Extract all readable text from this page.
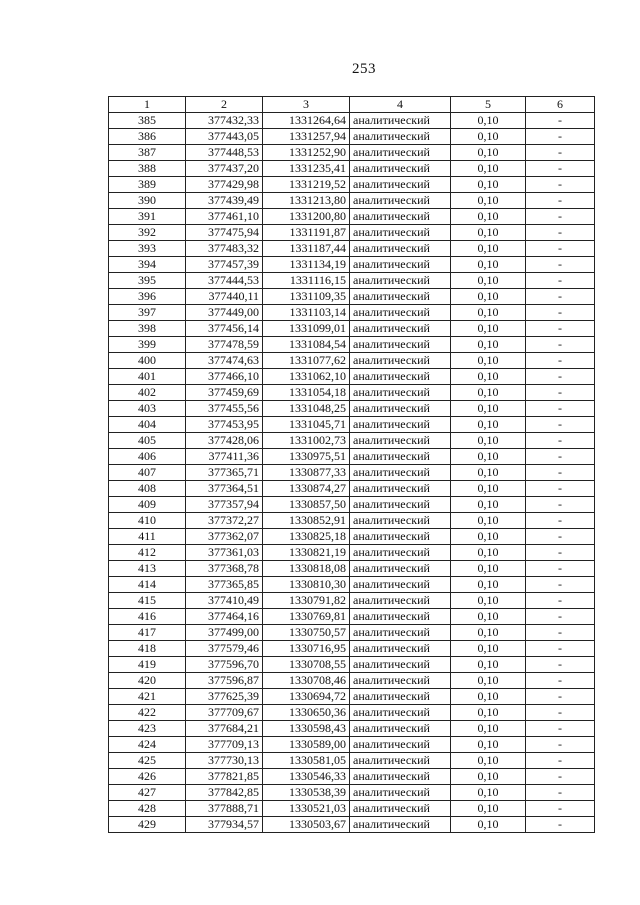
253
1	2	3	4	5	6
385	377432,33	1331264,64	аналитический	0,10	-
386	377443,05	1331257,94	аналитический	0,10	-
387	377448,53	1331252,90	аналитический	0,10	-
388	377437,20	1331235,41	аналитический	0,10	-
389	377429,98	1331219,52	аналитический	0,10	-
390	377439,49	1331213,80	аналитический	0,10	-
391	377461,10	1331200,80	аналитический	0,10	-
392	377475,94	1331191,87	аналитический	0,10	-
393	377483,32	1331187,44	аналитический	0,10	-
394	377457,39	1331134,19	аналитический	0,10	-
395	377444,53	1331116,15	аналитический	0,10	-
396	377440,11	1331109,35	аналитический	0,10	-
397	377449,00	1331103,14	аналитический	0,10	-
398	377456,14	1331099,01	аналитический	0,10	-
399	377478,59	1331084,54	аналитический	0,10	-
400	377474,63	1331077,62	аналитический	0,10	-
401	377466,10	1331062,10	аналитический	0,10	-
402	377459,69	1331054,18	аналитический	0,10	-
403	377455,56	1331048,25	аналитический	0,10	-
404	377453,95	1331045,71	аналитический	0,10	-
405	377428,06	1331002,73	аналитический	0,10	-
406	377411,36	1330975,51	аналитический	0,10	-
407	377365,71	1330877,33	аналитический	0,10	-
408	377364,51	1330874,27	аналитический	0,10	-
409	377357,94	1330857,50	аналитический	0,10	-
410	377372,27	1330852,91	аналитический	0,10	-
411	377362,07	1330825,18	аналитический	0,10	-
412	377361,03	1330821,19	аналитический	0,10	-
413	377368,78	1330818,08	аналитический	0,10	-
414	377365,85	1330810,30	аналитический	0,10	-
415	377410,49	1330791,82	аналитический	0,10	-
416	377464,16	1330769,81	аналитический	0,10	-
417	377499,00	1330750,57	аналитический	0,10	-
418	377579,46	1330716,95	аналитический	0,10	-
419	377596,70	1330708,55	аналитический	0,10	-
420	377596,87	1330708,46	аналитический	0,10	-
421	377625,39	1330694,72	аналитический	0,10	-
422	377709,67	1330650,36	аналитический	0,10	-
423	377684,21	1330598,43	аналитический	0,10	-
424	377709,13	1330589,00	аналитический	0,10	-
425	377730,13	1330581,05	аналитический	0,10	-
426	377821,85	1330546,33	аналитический	0,10	-
427	377842,85	1330538,39	аналитический	0,10	-
428	377888,71	1330521,03	аналитический	0,10	-
429	377934,57	1330503,67	аналитический	0,10	-
